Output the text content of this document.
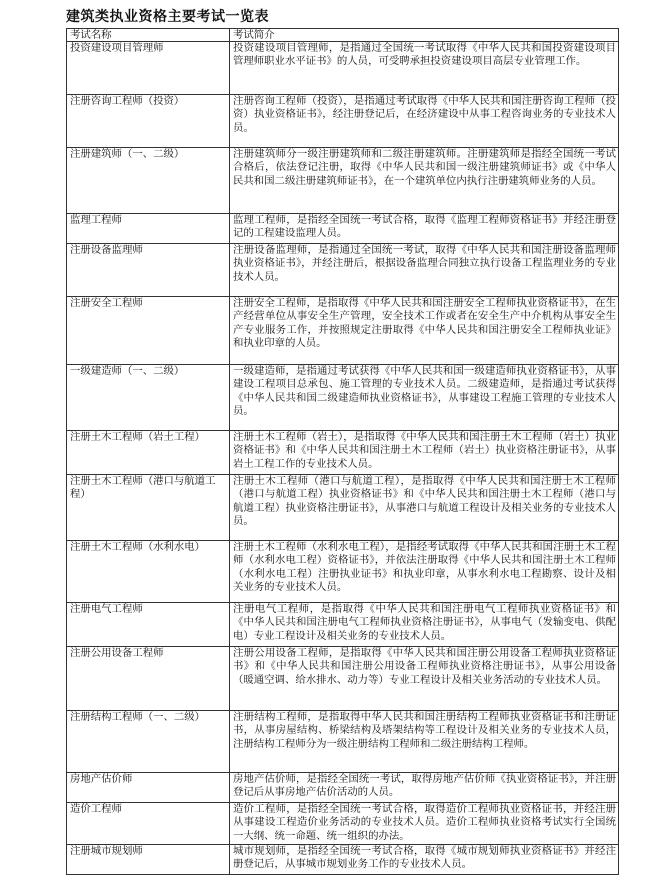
建筑类执业资格主要考试一览表
考试名称	考试简介
投资建设项目管理师	投资建设项目管理师，是指通过全国统一考试取得《中华人民共和国投资建设项目管理师职业水平证书》的人员，可受聘承担投资建设项目高层专业管理工作。
注册咨询工程师（投资）	注册咨询工程师（投资），是指通过考试取得《中华人民共和国注册咨询工程师（投资）执业资格证书》，经注册登记后，在经济建设中从事工程咨询业务的专业技术人员。
注册建筑师（一、二级）	注册建筑师分一级注册建筑师和二级注册建筑师。注册建筑师是指经全国统一考试合格后，依法登记注册，取得《中华人民共和国一级注册建筑师证书》或《中华人民共和国二级注册建筑师证书》，在一个建筑单位内执行注册建筑师业务的人员。
监理工程师	监理工程师，是指经全国统一考试合格，取得《监理工程师资格证书》并经注册登记的工程建设监理人员。
注册设备监理师	注册设备监理师，是指通过全国统一考试，取得《中华人民共和国注册设备监理师执业资格证书》，并经注册后，根据设备监理合同独立执行设备工程监理业务的专业技术人员。
注册安全工程师	注册安全工程师，是指取得《中华人民共和国注册安全工程师执业资格证书》，在生产经营单位从事安全生产管理，安全技术工作或者在安全生产中介机构从事安全生产专业服务工作，并按照规定注册取得《中华人民共和国注册安全工程师执业证》和执业印章的人员。
一级建造师（一、二级）	一级建造师，是指通过考试获得《中华人民共和国一级建造师执业资格证书》，从事建设工程项目总承包、施工管理的专业技术人员。二级建造师，是指通过考试获得《中华人民共和国二级建造师执业资格证书》，从事建设工程施工管理的专业技术人员。
注册土木工程师（岩土工程）	注册土木工程师（岩土），是指取得《中华人民共和国注册土木工程师（岩土）执业资格证书》和《中华人民共和国注册土木工程师（岩土）执业资格注册证书》，从事岩土工程工作的专业技术人员。
注册土木工程师（港口与航道工程）	注册土木工程师（港口与航道工程），是指取得《中华人民共和国注册土木工程师（港口与航道工程）执业资格证书》和《中华人民共和国注册土木工程师（港口与航道工程）执业资格注册证书》，从事港口与航道工程设计及相关业务的专业技术人员。
注册土木工程师（水利水电）	注册土木工程师（水利水电工程），是指经考试取得《中华人民共和国注册土木工程师（水利水电工程）资格证书》，并依法注册取得《中华人民共和国注册土木工程师（水利水电工程）注册执业证书》和执业印章，从事水利水电工程勘察、设计及相关业务的专业技术人员。
注册电气工程师	注册电气工程师，是指取得《中华人民共和国注册电气工程师执业资格证书》和《中华人民共和国注册电气工程师执业资格注册证书》，从事电气（发输变电、供配电）专业工程设计及相关业务的专业技术人员。
注册公用设备工程师	注册公用设备工程师，是指取得《中华人民共和国注册公用设备工程师执业资格证书》和《中华人民共和国注册公用设备工程师执业资格注册证书》，从事公用设备（暖通空调、给水排水、动力等）专业工程设计及相关业务活动的专业技术人员。
注册结构工程师（一、二级）	注册结构工程师，是指取得中华人民共和国注册结构工程师执业资格证书和注册证书，从事房屋结构、桥梁结构及塔架结构等工程设计及相关业务的专业技术人员，注册结构工程师分为一级注册结构工程师和二级注册结构工程师。
房地产估价师	房地产估价师，是指经全国统一考试，取得房地产估价师《执业资格证书》，并注册登记后从事房地产估价活动的人员。
造价工程师	造价工程师，是指经全国统一考试合格，取得造价工程师执业资格证书，并经注册从事建设工程造价业务活动的专业技术人员。造价工程师执业资格考试实行全国统一大纲、统一命题、统一组织的办法。
注册城市规划师	城市规划师，是指经全国统一考试合格，取得《城市规划师执业资格证书》并经注册登记后，从事城市规划业务工作的专业技术人员。
